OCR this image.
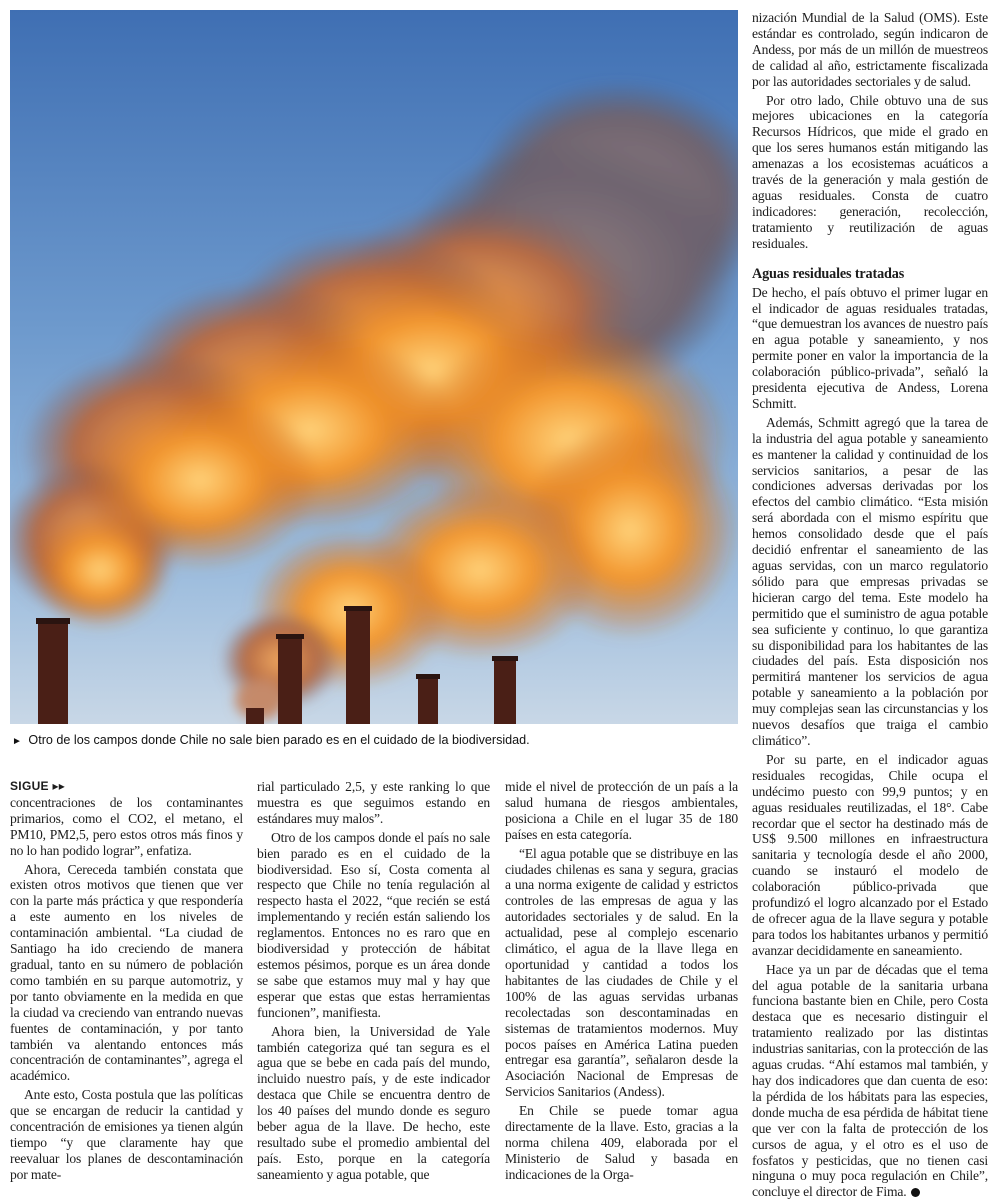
► Otro de los campos donde Chile no sale bien parado es en el cuidado de la biodiversidad.
SIGUE ▸▸

concentraciones de los contaminantes primarios, como el CO2, el metano, el PM10, PM2,5, pero estos otros más finos y no lo han podido lograr”, enfatiza.

Ahora, Cereceda también constata que existen otros motivos que tienen que ver con la parte más práctica y que respondería a este aumento en los niveles de contaminación ambiental. “La ciudad de Santiago ha ido creciendo de manera gradual, tanto en su número de población como también en su parque automotriz, y por tanto obviamente en la medida en que la ciudad va creciendo van entrando nuevas fuentes de contaminación, y por tanto también va alentando entonces más concentración de contaminantes”, agrega el académico.

Ante esto, Costa postula que las políticas que se encargan de reducir la cantidad y concentración de emisiones ya tienen algún tiempo “y que claramente hay que reevaluar los planes de descontaminación por mate-

rial particulado 2,5, y este ranking lo que muestra es que seguimos estando en estándares muy malos”.

Otro de los campos donde el país no sale bien parado es en el cuidado de la biodiversidad. Eso sí, Costa comenta al respecto que Chile no tenía regulación al respecto hasta el 2022, “que recién se está implementando y recién están saliendo los reglamentos. Entonces no es raro que en biodiversidad y protección de hábitat estemos pésimos, porque es un área donde se sabe que estamos muy mal y hay que esperar que estas que estas herramientas funcionen”, manifiesta.

Ahora bien, la Universidad de Yale también categoriza qué tan segura es el agua que se bebe en cada país del mundo, incluido nuestro país, y de este indicador destaca que Chile se encuentra dentro de los 40 países del mundo donde es seguro beber agua de la llave. De hecho, este resultado sube el promedio ambiental del país. Esto, porque en la categoría saneamiento y agua potable, que

mide el nivel de protección de un país a la salud humana de riesgos ambientales, posiciona a Chile en el lugar 35 de 180 países en esta categoría.

“El agua potable que se distribuye en las ciudades chilenas es sana y segura, gracias a una norma exigente de calidad y estrictos controles de las empresas de agua y las autoridades sectoriales y de salud. En la actualidad, pese al complejo escenario climático, el agua de la llave llega en oportunidad y cantidad a todos los habitantes de las ciudades de Chile y el 100% de las aguas servidas urbanas recolectadas son descontaminadas en sistemas de tratamientos modernos. Muy pocos países en América Latina pueden entregar esa garantía”, señalaron desde la Asociación Nacional de Empresas de Servicios Sanitarios (Andess).

En Chile se puede tomar agua directamente de la llave. Esto, gracias a la norma chilena 409, elaborada por el Ministerio de Salud y basada en indicaciones de la Orga-

nización Mundial de la Salud (OMS). Este estándar es controlado, según indicaron de Andess, por más de un millón de muestreos de calidad al año, estrictamente fiscalizada por las autoridades sectoriales y de salud.

Por otro lado, Chile obtuvo una de sus mejores ubicaciones en la categoría Recursos Hídricos, que mide el grado en que los seres humanos están mitigando las amenazas a los ecosistemas acuáticos a través de la generación y mala gestión de aguas residuales. Consta de cuatro indicadores: generación, recolección, tratamiento y reutilización de aguas residuales.

Aguas residuales tratadas

De hecho, el país obtuvo el primer lugar en el indicador de aguas residuales tratadas, “que demuestran los avances de nuestro país en agua potable y saneamiento, y nos permite poner en valor la importancia de la colaboración público-privada”, señaló la presidenta ejecutiva de Andess, Lorena Schmitt.

Además, Schmitt agregó que la tarea de la industria del agua potable y saneamiento es mantener la calidad y continuidad de los servicios sanitarios, a pesar de las condiciones adversas derivadas por los efectos del cambio climático. “Esta misión será abordada con el mismo espíritu que hemos consolidado desde que el país decidió enfrentar el saneamiento de las aguas servidas, con un marco regulatorio sólido para que empresas privadas se hicieran cargo del tema. Este modelo ha permitido que el suministro de agua potable sea suficiente y continuo, lo que garantiza su disponibilidad para los habitantes de las ciudades del país. Esta disposición nos permitirá mantener los servicios de agua potable y saneamiento a la población por muy complejas sean las circunstancias y los nuevos desafíos que traiga el cambio climático”.

Por su parte, en el indicador aguas residuales recogidas, Chile ocupa el undécimo puesto con 99,9 puntos; y en aguas residuales reutilizadas, el 18°. Cabe recordar que el sector ha destinado más de US$ 9.500 millones en infraestructura sanitaria y tecnología desde el año 2000, cuando se instauró el modelo de colaboración público-privada que profundizó el logro alcanzado por el Estado de ofrecer agua de la llave segura y potable para todos los habitantes urbanos y permitió avanzar decididamente en saneamiento.

Hace ya un par de décadas que el tema del agua potable de la sanitaria urbana funciona bastante bien en Chile, pero Costa destaca que es necesario distinguir el tratamiento realizado por las distintas industrias sanitarias, con la protección de las aguas crudas. “Ahí estamos mal también, y hay dos indicadores que dan cuenta de eso: la pérdida de los hábitats para las especies, donde mucha de esa pérdida de hábitat tiene que ver con la falta de protección de los cursos de agua, y el otro es el uso de fosfatos y pesticidas, que no tienen casi ninguna o muy poca regulación en Chile”, concluye el director de Fima.
